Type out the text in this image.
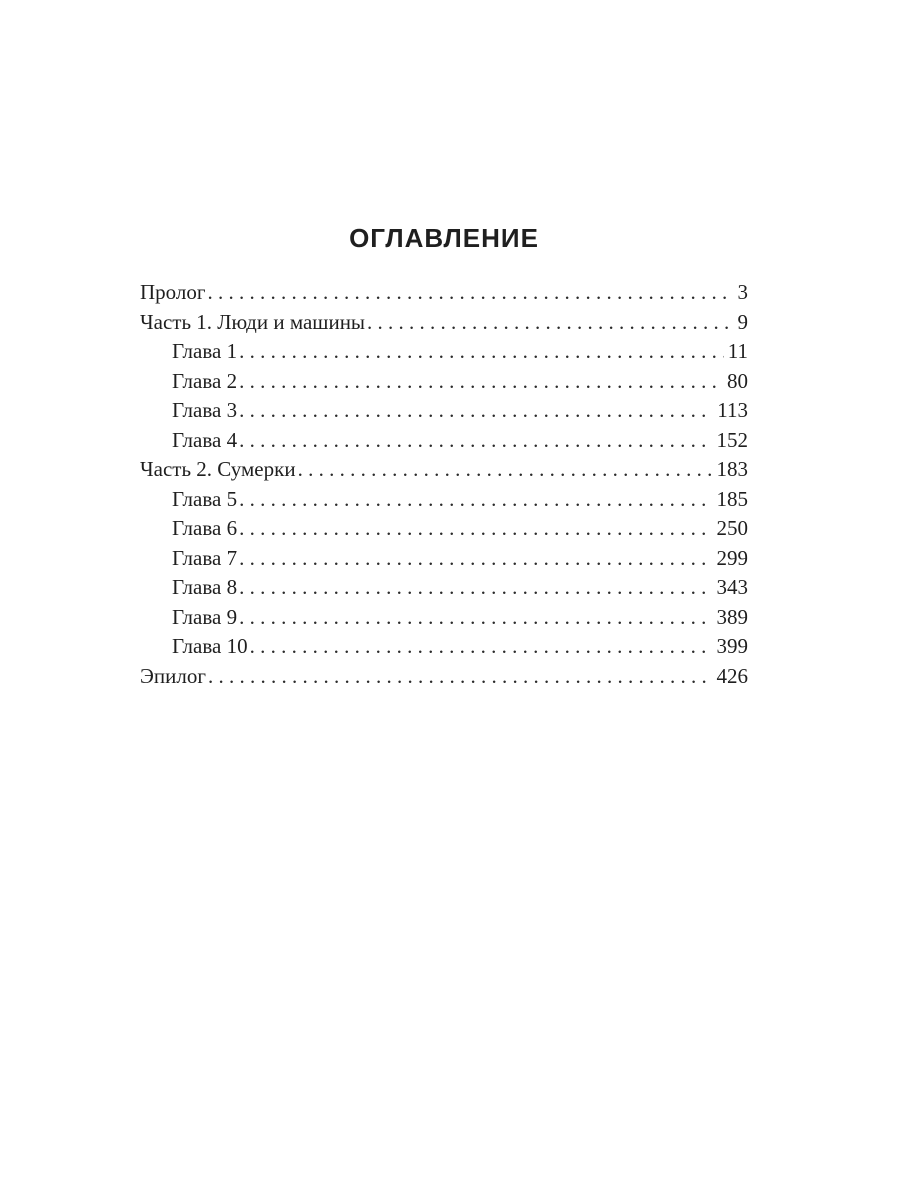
ОГЛАВЛЕНИЕ
Пролог . . .	3
Часть 1. Люди и машины . . .	9
Глава 1 . . .	11
Глава 2 . . .	80
Глава 3 . . .	113
Глава 4 . . .	152
Часть 2. Сумерки . . .	183
Глава 5 . . .	185
Глава 6 . . .	250
Глава 7 . . .	299
Глава 8 . . .	343
Глава 9 . . .	389
Глава 10 . . .	399
Эпилог . . .	426
